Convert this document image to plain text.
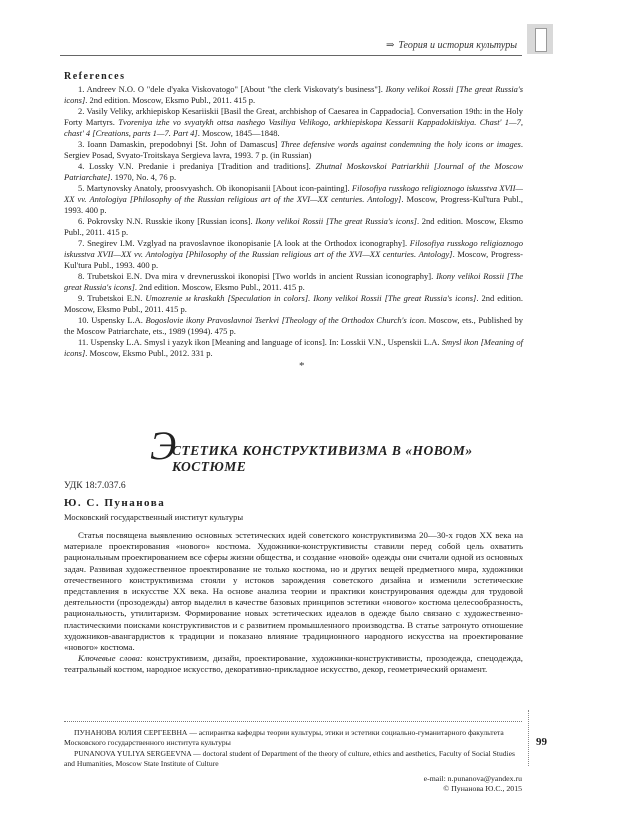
⇒ Теория и история культуры
References
1. Andreev N.O. O "dele d'yaka Viskovatogo" [About "the clerk Viskovaty's business"]. Ikony velikoi Rossii [The great Russia's icons]. 2nd edition. Moscow, Eksmo Publ., 2011. 415 p.
2. Vasily Veliky, arkhiepiskop Kesariiskii [Basil the Great, archbishop of Caesarea in Cappadocia]. Conversation 19th: in the Holy Forty Martyrs. Tvoreniya izhe vo svyatykh ottsa nashego Vasiliya Velikogo, arkhiepiskopa Kessarii Kappadokiiskiya. Chast' 1—7, chast' 4 [Creations, parts 1—7. Part 4]. Moscow, 1845—1848.
3. Ioann Damaskin, prepodobnyi [St. John of Damascus] Three defensive words against condemning the holy icons or images. Sergiev Posad, Svyato-Troitskaya Sergieva lavra, 1993. 7 p. (in Russian)
4. Lossky V.N. Predanie i predaniya [Tradition and traditions]. Zhutnal Moskovskoi Patriarkhii [Journal of the Moscow Patriarchate]. 1970, No. 4, 76 p.
5. Martynovsky Anatoly, proosvyashch. Ob ikonopisanii [About icon-painting]. Filosofiya russkogo religioznogo iskusstva XVII—XX vv. Antologiya [Philosophy of the Russian religious art of the XVI—XX centuries. Antology]. Moscow, Progress-Kul'tura Publ., 1993. 400 p.
6. Pokrovsky N.N. Russkie ikony [Russian icons]. Ikony velikoi Rossii [The great Russia's icons]. 2nd edition. Moscow, Eksmo Publ., 2011. 415 p.
7. Snegirev I.M. Vzglyad na pravoslavnoe ikonopisanie [A look at the Orthodox iconography]. Filosofiya russkogo religioznogo iskusstva XVII—XX vv. Antologiya [Philosophy of the Russian religious art of the XVI—XX centuries. Antology]. Moscow, Progress-Kul'tura Publ., 1993. 400 p.
8. Trubetskoi E.N. Dva mira v drevnerusskoi ikonopisi [Two worlds in ancient Russian iconography]. Ikony velikoi Rossii [The great Russia's icons]. 2nd edition. Moscow, Eksmo Publ., 2011. 415 p.
9. Trubetskoi E.N. Umozrenie м kraskakh [Speculation in colors]. Ikony velikoi Rossii [The great Russia's icons]. 2nd edition. Moscow, Eksmo Publ., 2011. 415 p.
10. Uspensky L.A. Bogoslovie ikony Pravoslavnoi Tserkvi [Theology of the Orthodox Church's icon. Moscow, ets., Published by the Moscow Patriarchate, ets., 1989 (1994). 475 p.
11. Uspensky L.A. Smysl i yazyk ikon [Meaning and language of icons]. In: Losskii V.N., Uspenskii L.A. Smysl ikon [Meaning of icons]. Moscow, Eksmo Publ., 2012. 331 p.
*
Э
СТЕТИКА КОНСТРУКТИВИЗМА В «НОВОМ» КОСТЮМЕ
УДК 18:7.037.6
Ю. С. Пунанова
Московский государственный институт культуры

Статья посвящена выявлению основных эстетических идей советского конструктивизма 20—30-х годов XX века на материале проектирования «нового» костюма. Художники-конструктивисты ставили перед собой цель охватить рациональным проектированием все сферы жизни общества, и создание «новой» одежды они считали одной из основных задач. Развивая художественное проектирование не только костюма, но и других вещей предметного мира, художники отечественного конструктивизма стояли у истоков зарождения советского дизайна и изменили эстетические представления в искусстве XX века. На основе анализа теории и практики конструирования одежды для трудовой деятельности (прозодежды) автор выделил в качестве базовых принципов эстетики «нового» костюма целесообразность, рациональность, утилитаризм. Формирование новых эстетических идеалов в одежде было связано с художественно-пластическими поисками конструктивистов и с развитием промышленного производства. В статье затронуто отношение художников-авангардистов к традиции и показано влияние традиционного народного искусства на проектирование «нового» костюма.

Ключевые слова: конструктивизм, дизайн, проектирование, художники-конструктивисты, прозодежда, спецодежда, театральный костюм, народное искусство, декоративно-прикладное искусство, декор, геометрический орнамент.

ПУНАНОВА ЮЛИЯ СЕРГЕЕВНА — аспирантка кафедры теории культуры, этики и эстетики социально-гуманитарного факультета Московского государственного института культуры

PUNANOVA YULIYA SERGEEVNA — doctoral student of Department of the theory of culture, ethics and aesthetics, Faculty of Social Studies and Humanities, Moscow State Institute of Culture

99
e-mail: n.punanova@yandex.ru
© Пунанова Ю.С., 2015
